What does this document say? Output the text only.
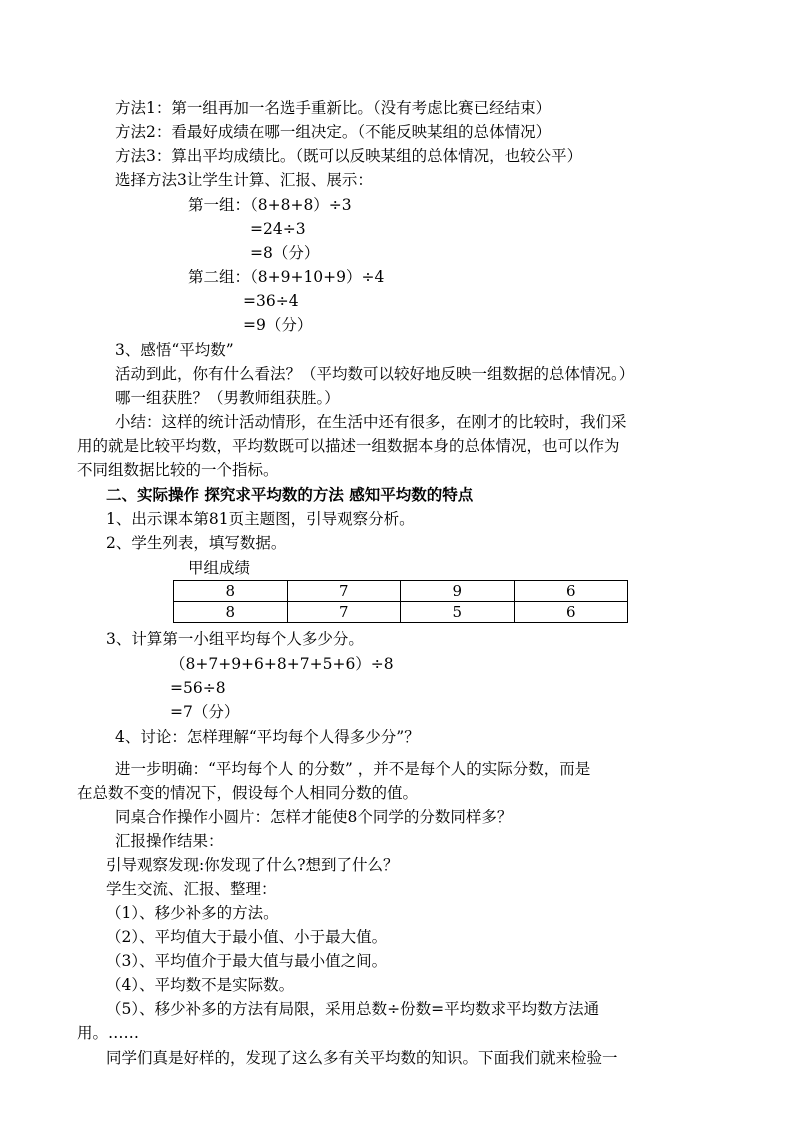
方法1：第一组再加一名选手重新比。（没有考虑比赛已经结束）
方法2：看最好成绩在哪一组决定。（不能反映某组的总体情况）
方法3：算出平均成绩比。（既可以反映某组的总体情况，也较公平）
选择方法3让学生计算、汇报、展示：
第一组：（8+8+8）÷3
=24÷3
=8（分）
第二组：（8+9+10+9）÷4
=36÷4
=9（分）
3、感悟“平均数”
活动到此，你有什么看法？（平均数可以较好地反映一组数据的总体情况。）
哪一组获胜？（男教师组获胜。）
小结：这样的统计活动情形，在生活中还有很多，在刚才的比较时，我们采
用的就是比较平均数，平均数既可以描述一组数据本身的总体情况，也可以作为
不同组数据比较的一个指标。
二、实际操作 探究求平均数的方法 感知平均数的特点
1、出示课本第81页主题图，引导观察分析。
2、学生列表，填写数据。
甲组成绩
8	7	9	6
8	7	5	6
3、计算第一小组平均每个人多少分。
（8+7+9+6+8+7+5+6）÷8
=56÷8
=7（分）
4、讨论：怎样理解“平均每个人得多少分”？
进一步明确：“平均每个人 的分数” ，并不是每个人的实际分数，而是
在总数不变的情况下，假设每个人相同分数的值。
同桌合作操作小圆片：怎样才能使8个同学的分数同样多？
汇报操作结果：
引导观察发现:你发现了什么?想到了什么？
学生交流、汇报、整理：
（1）、移少补多的方法。
（2）、平均值大于最小值、小于最大值。
（3）、平均值介于最大值与最小值之间。
（4）、平均数不是实际数。
（5）、移少补多的方法有局限，采用总数÷份数=平均数求平均数方法通
用。……
同学们真是好样的，发现了这么多有关平均数的知识。下面我们就来检验一
